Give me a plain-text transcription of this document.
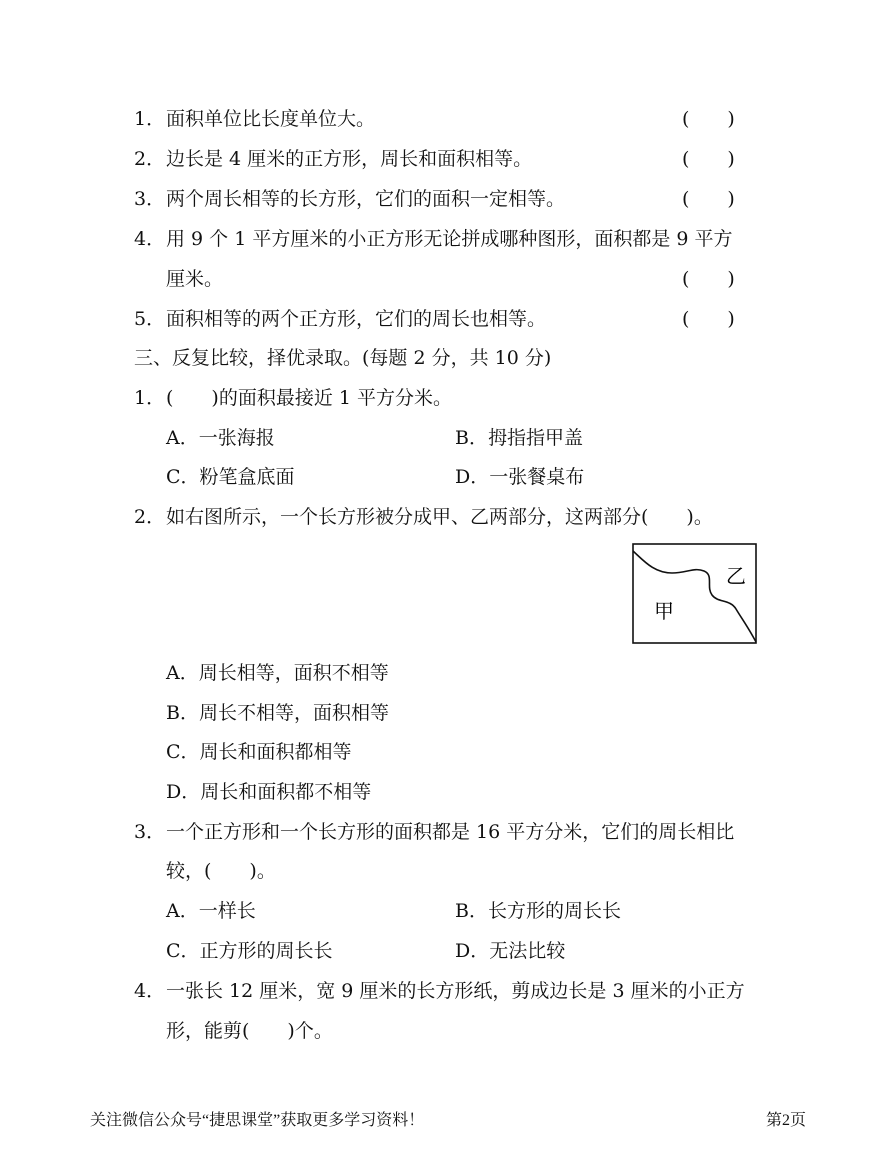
1． 面积单位比长度单位大。	(　　)
2． 边长是 4 厘米的正方形，周长和面积相等。	(　　)
3． 两个周长相等的长方形，它们的面积一定相等。	(　　)
4． 用 9 个 1 平方厘米的小正方形无论拼成哪种图形，面积都是 9 平方
厘米。	(　　)
5． 面积相等的两个正方形，它们的周长也相等。	(　　)
三、反复比较，择优录取。(每题 2 分，共 10 分)
1． (　　)的面积最接近 1 平方分米。
A．一张海报	B．拇指指甲盖
C．粉笔盒底面	D．一张餐桌布
2． 如右图所示，一个长方形被分成甲、乙两部分，这两部分(　　)。
甲
乙
A．周长相等，面积不相等
B．周长不相等，面积相等
C．周长和面积都相等
D．周长和面积都不相等
3． 一个正方形和一个长方形的面积都是 16 平方分米，它们的周长相比
较，(　　)。
A．一样长	B．长方形的周长长
C．正方形的周长长	D．无法比较
4． 一张长 12 厘米，宽 9 厘米的长方形纸，剪成边长是 3 厘米的小正方
形，能剪(　　)个。
关注微信公众号“捷思课堂”获取更多学习资料！	第2页
